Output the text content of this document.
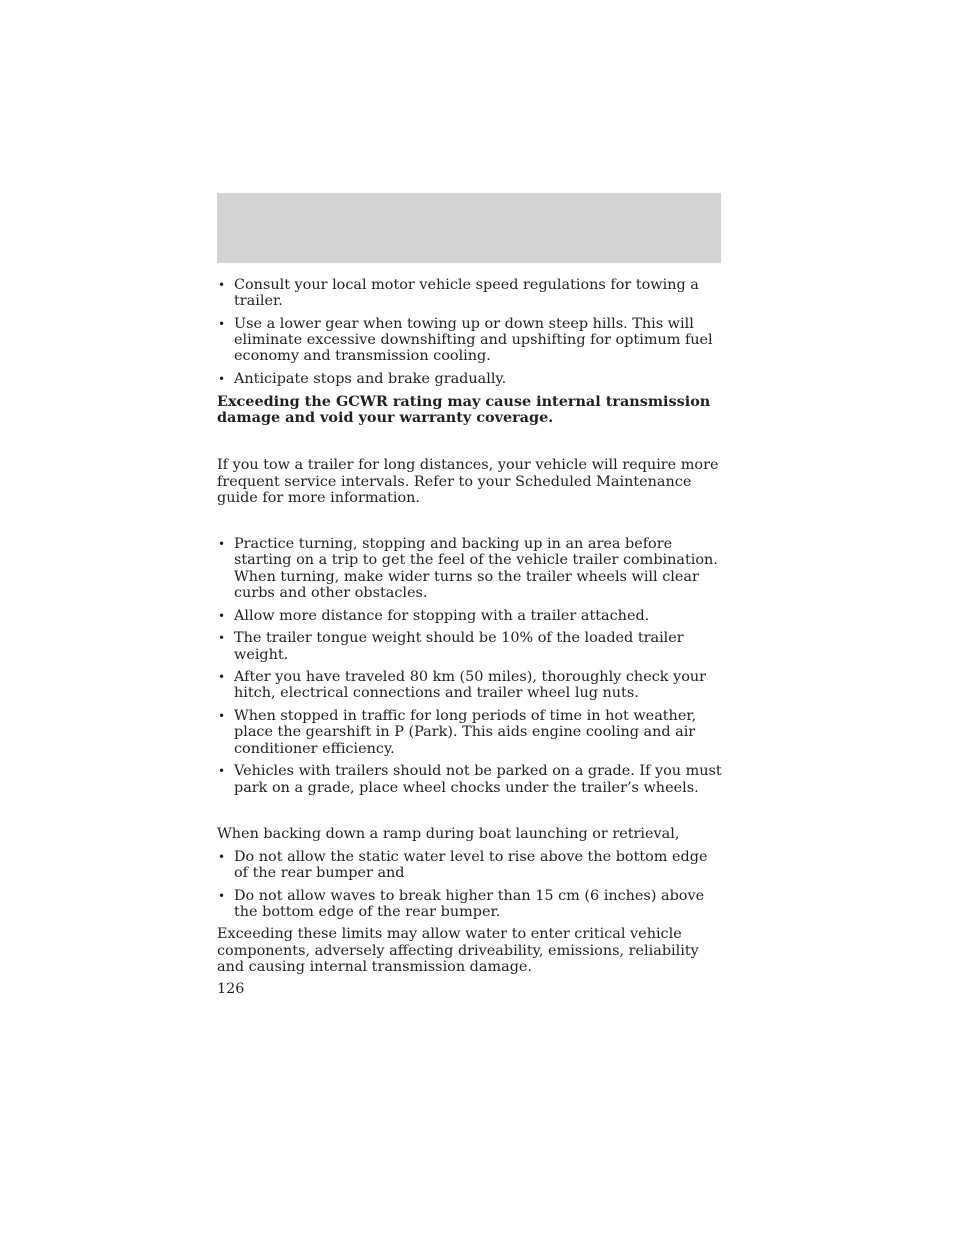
• Consult your local motor vehicle speed regulations for towing a trailer.
• Use a lower gear when towing up or down steep hills. This will eliminate excessive downshifting and upshifting for optimum fuel economy and transmission cooling.
• Anticipate stops and brake gradually.

Exceeding the GCWR rating may cause internal transmission damage and void your warranty coverage.

If you tow a trailer for long distances, your vehicle will require more frequent service intervals. Refer to your Scheduled Maintenance guide for more information.

• Practice turning, stopping and backing up in an area before starting on a trip to get the feel of the vehicle trailer combination. When turning, make wider turns so the trailer wheels will clear curbs and other obstacles.
• Allow more distance for stopping with a trailer attached.
• The trailer tongue weight should be 10% of the loaded trailer weight.
• After you have traveled 80 km (50 miles), thoroughly check your hitch, electrical connections and trailer wheel lug nuts.
• When stopped in traffic for long periods of time in hot weather, place the gearshift in P (Park). This aids engine cooling and air conditioner efficiency.
• Vehicles with trailers should not be parked on a grade. If you must park on a grade, place wheel chocks under the trailer’s wheels.

When backing down a ramp during boat launching or retrieval,

• Do not allow the static water level to rise above the bottom edge of the rear bumper and
• Do not allow waves to break higher than 15 cm (6 inches) above the bottom edge of the rear bumper.

Exceeding these limits may allow water to enter critical vehicle components, adversely affecting driveability, emissions, reliability and causing internal transmission damage.

126
